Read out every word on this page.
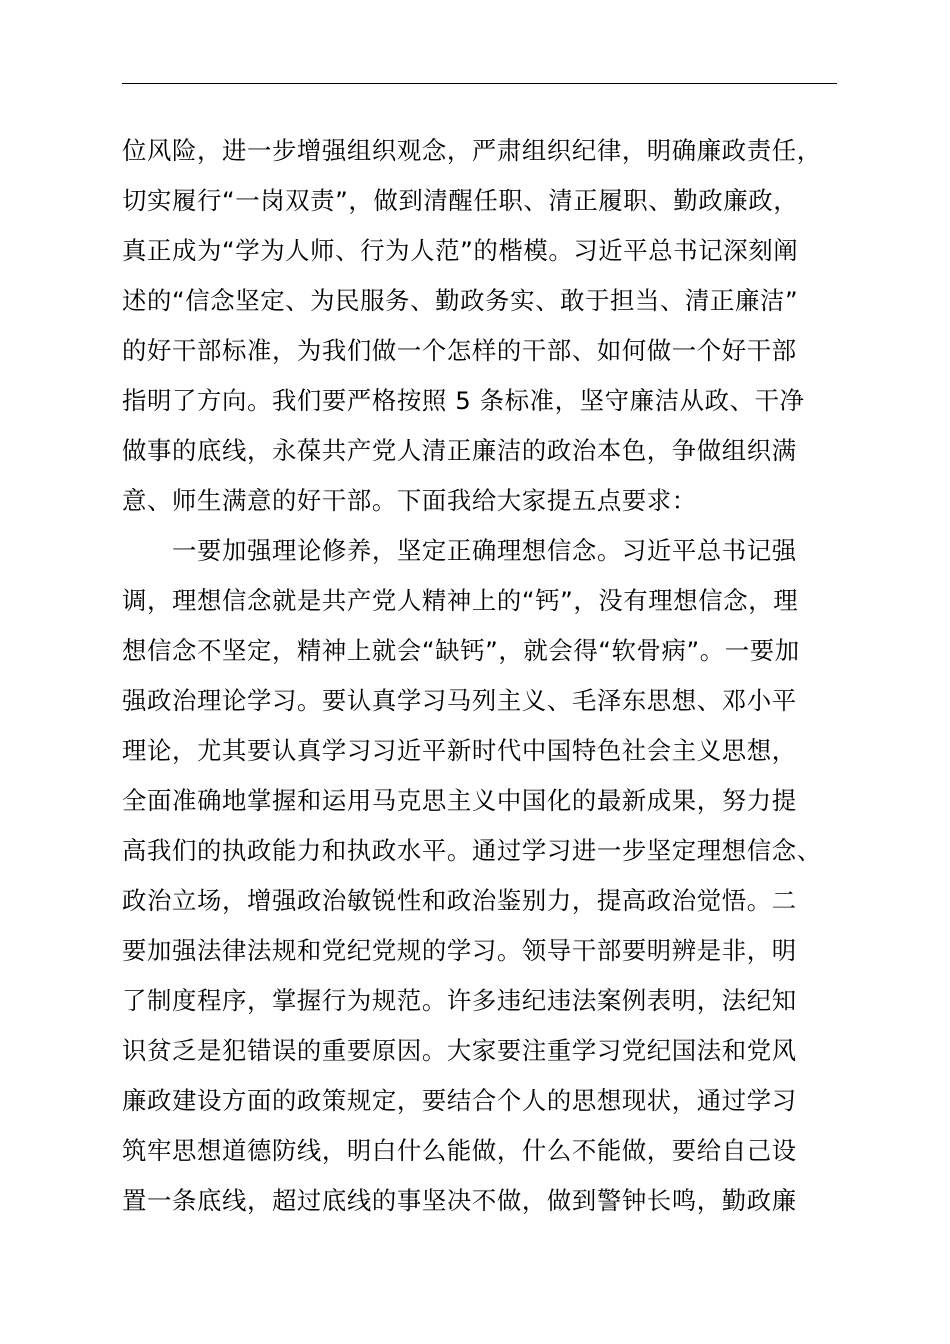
位风险，进一步增强组织观念，严肃组织纪律，明确廉政责任，
切实履行“一岗双责”，做到清醒任职、清正履职、勤政廉政，
真正成为“学为人师、行为人范”的楷模。习近平总书记深刻阐
述的“信念坚定、为民服务、勤政务实、敢于担当、清正廉洁”
的好干部标准，为我们做一个怎样的干部、如何做一个好干部
指明了方向。我们要严格按照 5 条标准，坚守廉洁从政、干净
做事的底线，永葆共产党人清正廉洁的政治本色，争做组织满
意、师生满意的好干部。下面我给大家提五点要求：
一要加强理论修养，坚定正确理想信念。习近平总书记强
调，理想信念就是共产党人精神上的“钙”，没有理想信念，理
想信念不坚定，精神上就会“缺钙”，就会得“软骨病”。一要加
强政治理论学习。要认真学习马列主义、毛泽东思想、邓小平
理论，尤其要认真学习习近平新时代中国特色社会主义思想，
全面准确地掌握和运用马克思主义中国化的最新成果，努力提
高我们的执政能力和执政水平。通过学习进一步坚定理想信念、
政治立场，增强政治敏锐性和政治鉴别力，提高政治觉悟。二
要加强法律法规和党纪党规的学习。领导干部要明辨是非，明
了制度程序，掌握行为规范。许多违纪违法案例表明，法纪知
识贫乏是犯错误的重要原因。大家要注重学习党纪国法和党风
廉政建设方面的政策规定，要结合个人的思想现状，通过学习
筑牢思想道德防线，明白什么能做，什么不能做，要给自己设
置一条底线，超过底线的事坚决不做，做到警钟长鸣，勤政廉
